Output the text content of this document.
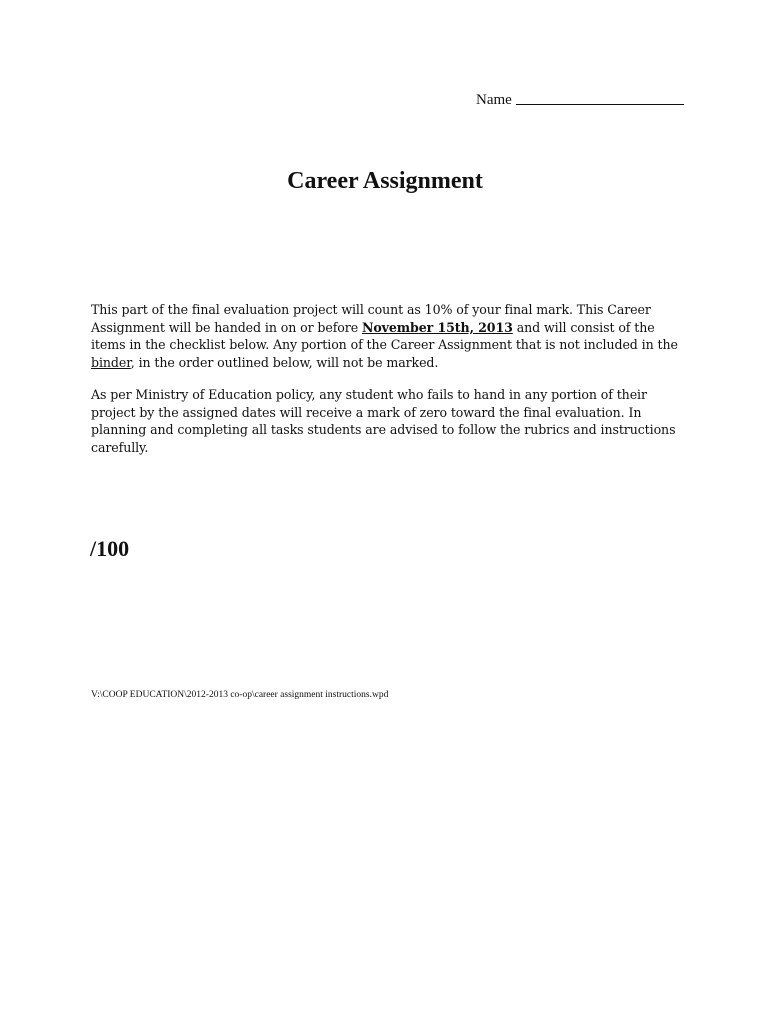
Name
Career Assignment

This part of the final evaluation project will count as 10% of your final mark. This Career Assignment will be handed in on or before November 15th, 2013 and will consist of the items in the checklist below. Any portion of the Career Assignment that is not included in the binder, in the order outlined below, will not be marked.

As per Ministry of Education policy, any student who fails to hand in any portion of their project by the assigned dates will receive a mark of zero toward the final evaluation. In planning and completing all tasks students are advised to follow the rubrics and instructions carefully.

/100

V:\COOP EDUCATION\2012-2013 co-op\career assignment instructions.wpd
